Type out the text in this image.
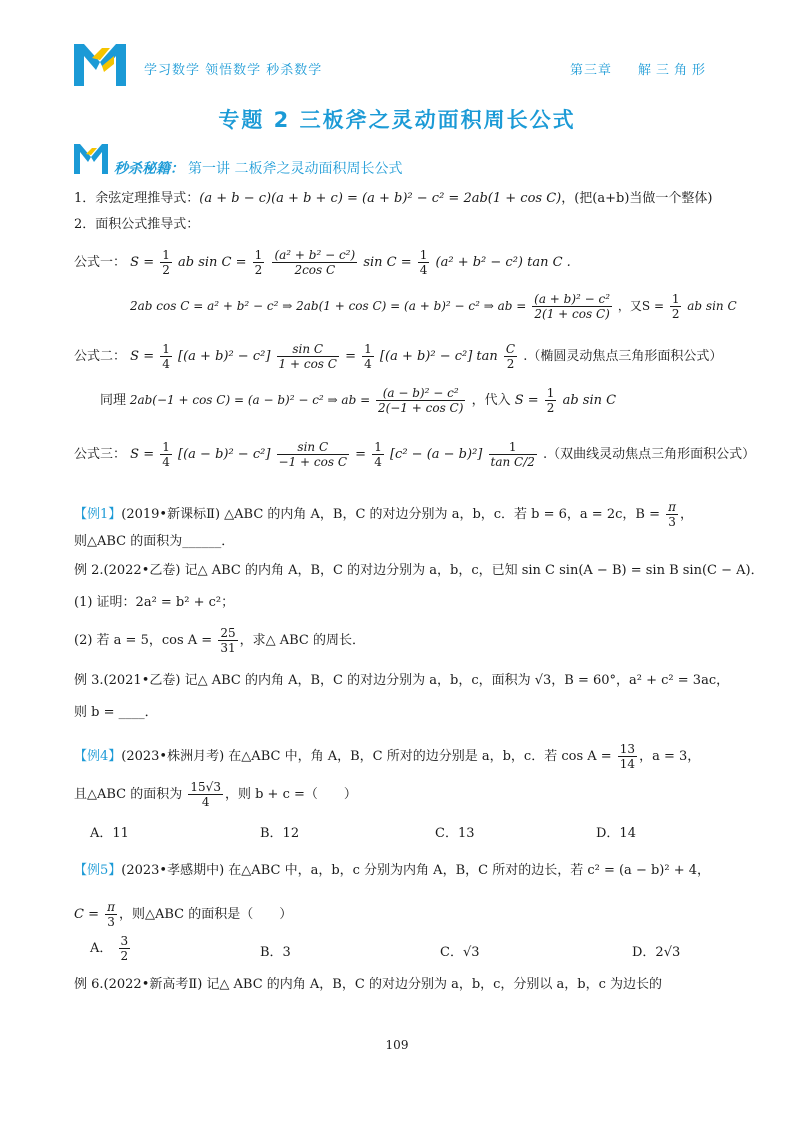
学习数学 领悟数学 秒杀数学	第三章 解三角形
专题 2 三板斧之灵动面积周长公式
秒杀秘籍： 第一讲 二板斧之灵动面积周长公式
1．余弦定理推导式：(a + b − c)(a + b + c) = (a + b)² − c² = 2ab(1 + cos C)，(把(a+b)当做一个整体)
2．面积公式推导式：
公式一： $S = \frac{1}{2}$ ab $\sin C = \frac{1}{2}$
$\frac{\text{(a² + b² − c²)}}{\text{2cos C}}$ $\sin C = \frac{1}{4} (a^2 + b^2 - c^2)$ tan C .
2ab cos C = a² + b² − c² ⇒ 2ab(1 + cos C) = (a + b)² − c² ⇒ ab = $\frac{\text{(a + b)² − c²}}{\text{2(1 + cos C)}}$ ，又$S = \frac{1}{2}$ ab sin C
公式二： $S = \frac{1}{4} [(a + b)^2 - c^2] \frac{\text{sin C}}{\text{1 + cos C}} = \frac{1}{4} [(a + b)^2 - c^2]$ $\tan \frac{C}{2}$ .（椭圆灵动焦点三角形面积公式）
同理 2ab(−1 + cos C) = (a − b)² − c² ⇒ ab = $\frac{\text{(a − b)² − c²}}{\text{2(−1 + cos C)}}$ ，代入 $S = \frac{1}{2}$ ab sin C
公式三： $S = \frac{1}{4} [(a - b)^2 - c^2] \frac{\text{sin C}}{\text{−1 + cos C}} = \frac{1}{4} [c^2 - (a - b)^2] \frac{1}{\text{tan C/2}}$ .（双曲线灵动焦点三角形面积公式）
【例1】(2019•新课标Ⅱ) △ABC 的内角 A，B，C 的对边分别为 a，b，c．若 b = 6，a = 2c，$B = \frac{\pi}{3}$ ，
则△ABC 的面积为______．
例 2.(2022•乙卷) 记△ ABC 的内角 A，B，C 的对边分别为 a，b，c，已知 sin C sin(A − B) = sin B sin(C − A)．
(1) 证明：2a² = b² + c²；
(2) 若 a = 5，$\cos A = \frac{25}{31}$ ，求△ ABC 的周长．
例 3.(2021•乙卷) 记△ ABC 的内角 A，B，C 的对边分别为 a，b，c，面积为 √3，B = 60°，a² + c² = 3ac，
则 b = ____．
【例4】(2023•株洲月考) 在△ABC 中，角 A，B，C 所对的边分别是 a，b，c．若 $\cos A = \frac{13}{14}$ ，a = 3，
且△ABC 的面积为 $\frac{15√3}{4}$ ，则 b + c =（　　）
A．11	B．12	C．13	D．14
【例5】(2023•孝感期中) 在△ABC 中，a，b，c 分别为内角 A，B，C 所对的边长，若 c² = (a − b)² + 4，
$C = \frac{\pi}{3}$ ，则△ABC 的面积是（　　）
A． $\frac{3}{2}$	B．3	C．√3	D．2√3
例 6.(2022•新高考Ⅱ) 记△ ABC 的内角 A，B，C 的对边分别为 a，b，c，分别以 a，b，c 为边长的
109
